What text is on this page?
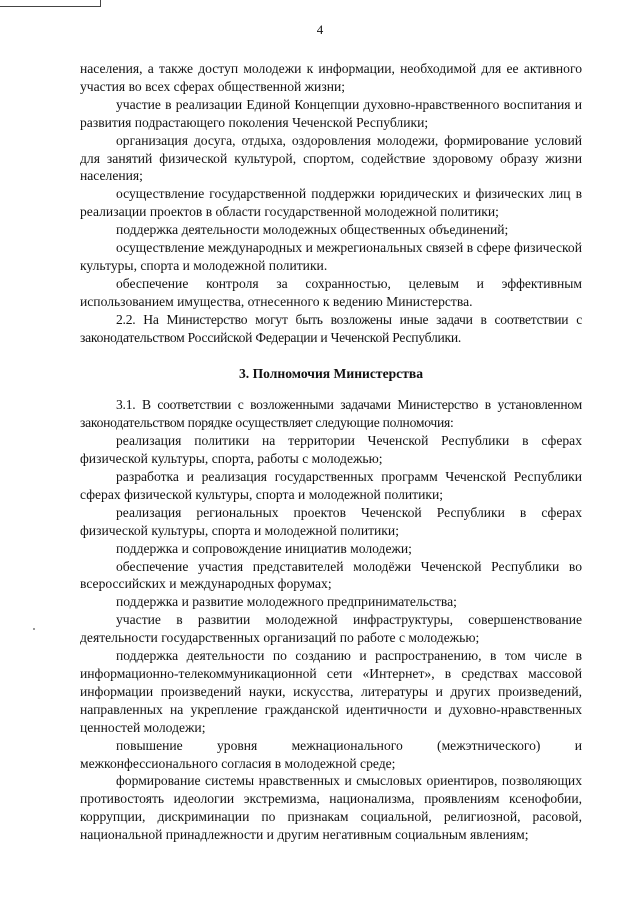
4

населения, а также доступ молодежи к информации, необходимой для ее активного участия во всех сферах общественной жизни;

участие в реализации Единой Концепции духовно-нравственного воспитания и развития подрастающего поколения Чеченской Республики;

организация досуга, отдыха, оздоровления молодежи, формирование условий для занятий физической культурой, спортом, содействие здоровому образу жизни населения;

осуществление государственной поддержки юридических и физических лиц в реализации проектов в области государственной молодежной политики;

поддержка деятельности молодежных общественных объединений;

осуществление международных и межрегиональных связей в сфере физической культуры, спорта и молодежной политики.

обеспечение контроля за сохранностью, целевым и эффективным использованием имущества, отнесенного к ведению Министерства.

2.2. На Министерство могут быть возложены иные задачи в соответствии с законодательством Российской Федерации и Чеченской Республики.

3. Полномочия Министерства

3.1. В соответствии с возложенными задачами Министерство в установленном законодательством порядке осуществляет следующие полномочия:

реализация политики на территории Чеченской Республики в сферах физической культуры, спорта, работы с молодежью;

разработка и реализация государственных программ Чеченской Республики сферах физической культуры, спорта и молодежной политики;

реализация региональных проектов Чеченской Республики в сферах физической культуры, спорта и молодежной политики;

поддержка и сопровождение инициатив молодежи;

обеспечение участия представителей молодёжи Чеченской Республики во всероссийских и международных форумах;

поддержка и развитие молодежного предпринимательства;

участие в развитии молодежной инфраструктуры, совершенствование деятельности государственных организаций по работе с молодежью;

поддержка деятельности по созданию и распространению, в том числе в информационно-телекоммуникационной сети «Интернет», в средствах массовой информации произведений науки, искусства, литературы и других произведений, направленных на укрепление гражданской идентичности и духовно-нравственных ценностей молодежи;

повышение уровня межнационального (межэтнического) и межконфессионального согласия в молодежной среде;

формирование системы нравственных и смысловых ориентиров, позволяющих противостоять идеологии экстремизма, национализма, проявлениям ксенофобии, коррупции, дискриминации по признакам социальной, религиозной, расовой, национальной принадлежности и другим негативным социальным явлениям;
